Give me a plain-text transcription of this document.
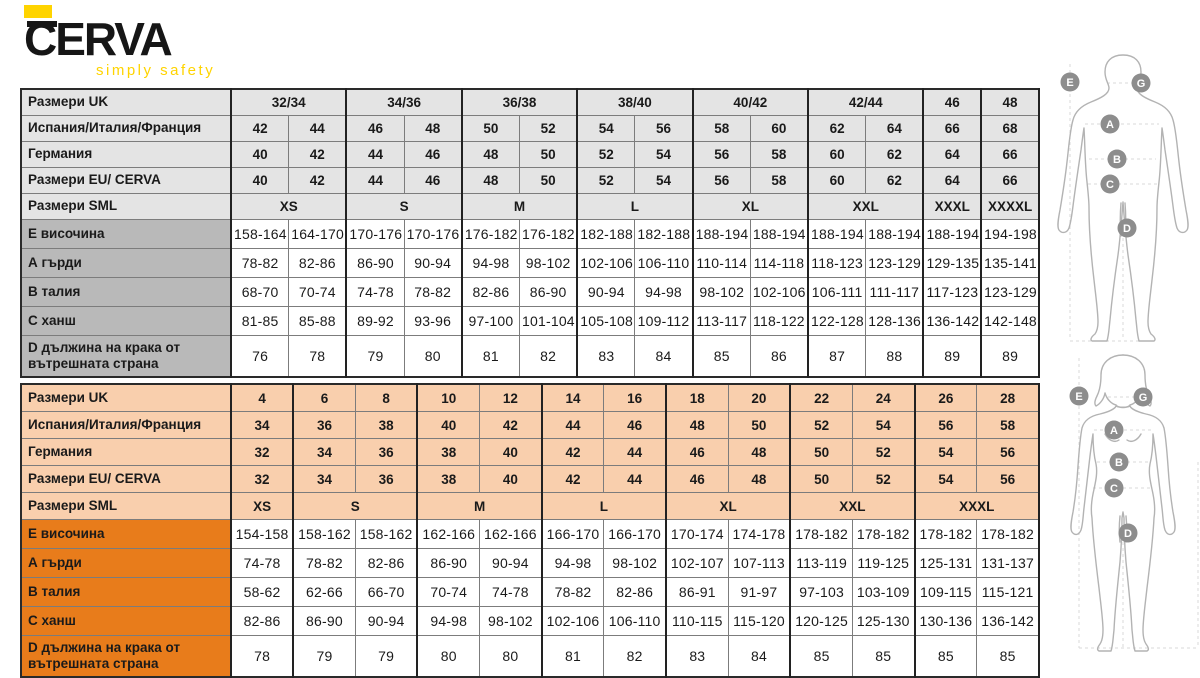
CERVA
simply safety
Размери UK	32/34		34/36		36/38		38/40		40/42		42/44		46	48
Испания/Италия/Франция	42	44	46	48	50	52	54	56	58	60	62	64	66	68
Германия	40	42	44	46	48	50	52	54	56	58	60	62	64	66
Размери EU/ CERVA	40	42	44	46	48	50	52	54	56	58	60	62	64	66
Размери SML	XS		S		M		L		XL		XXL		XXXL	XXXXL
Е височина	158-164	164-170	170-176	170-176	176-182	176-182	182-188	182-188	188-194	188-194	188-194	188-194	188-194	194-198
А гърди	78-82	82-86	86-90	90-94	94-98	98-102	102-106	106-110	110-114	114-118	118-123	123-129	129-135	135-141
В талия	68-70	70-74	74-78	78-82	82-86	86-90	90-94	94-98	98-102	102-106	106-111	111-117	117-123	123-129
С ханш	81-85	85-88	89-92	93-96	97-100	101-104	105-108	109-112	113-117	118-122	122-128	128-136	136-142	142-148
D дължина на крака от вътрешната страна	76	78	79	80	81	82	83	84	85	86	87	88	89	89
Размери UK	4	6	8	10	12	14	16	18	20	22	24	26	28
Испания/Италия/Франция	34	36	38	40	42	44	46	48	50	52	54	56	58
Германия	32	34	36	38	40	42	44	46	48	50	52	54	56
Размери EU/ CERVA	32	34	36	38	40	42	44	46	48	50	52	54	56
Размери SML	XS	S		M		L		XL		XXL		XXXL	
Е височина	154-158	158-162	158-162	162-166	162-166	166-170	166-170	170-174	174-178	178-182	178-182	178-182	178-182
А гърди	74-78	78-82	82-86	86-90	90-94	94-98	98-102	102-107	107-113	113-119	119-125	125-131	131-137
В талия	58-62	62-66	66-70	70-74	74-78	78-82	82-86	86-91	91-97	97-103	103-109	109-115	115-121
С ханш	82-86	86-90	90-94	94-98	98-102	102-106	106-110	110-115	115-120	120-125	125-130	130-136	136-142
D дължина на крака от вътрешната страна	78	79	79	80	80	81	82	83	84	85	85	85	85
E	G
A
B
C
D
E	G
A
B
C
D
